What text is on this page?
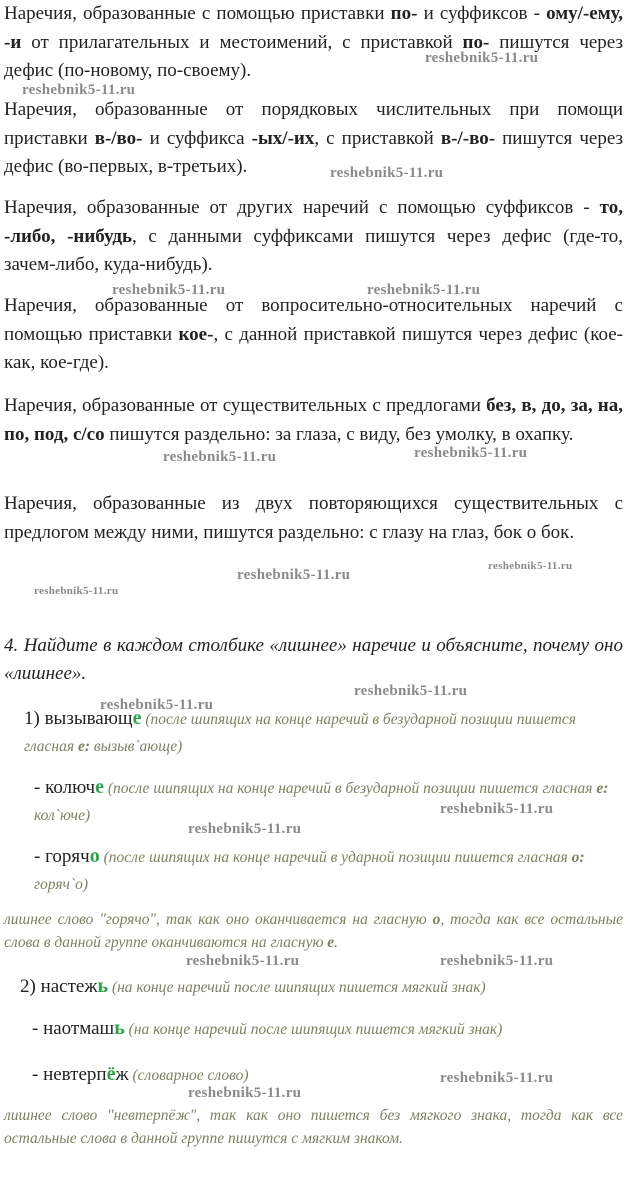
Наречия, образованные с помощью приставки по- и суффиксов - ому/-ему, -и от прилагательных и местоимений, с приставкой по- пишутся через дефис (по-новому, по-своему).

Наречия, образованные от порядковых числительных при помощи приставки в-/во- и суффикса -ых/-их, с приставкой в-/-во- пишутся через дефис (во-первых, в-третьих).

Наречия, образованные от других наречий с помощью суффиксов - то, -либо, -нибудь, с данными суффиксами пишутся через дефис (где-то, зачем-либо, куда-нибудь).

Наречия, образованные от вопросительно-относительных наречий с помощью приставки кое-, с данной приставкой пишутся через дефис (кое-как, кое-где).

Наречия, образованные от существительных с предлогами без, в, до, за, на, по, под, с/со пишутся раздельно: за глаза, с виду, без умолку, в охапку.

Наречия, образованные из двух повторяющихся существительных с предлогом между ними, пишутся раздельно: с глазу на глаз, бок о бок.

4. Найдите в каждом столбике «лишнее» наречие и объясните, почему оно «лишнее».

1) вызывающе (после шипящих на конце наречий в безударной позиции пишется гласная е: вызыв`ающе)
- колюче (после шипящих на конце наречий в безударной позиции пишется гласная е: кол`юче)
- горячо (после шипящих на конце наречий в ударной позиции пишется гласная о: горяч`о)

лишнее слово "горячо", так как оно оканчивается на гласную о, тогда как все остальные слова в данной группе оканчиваются на гласную е.

2) настежь (на конце наречий после шипящих пишется мягкий знак)
- наотмашь (на конце наречий после шипящих пишется мягкий знак)
- невтерпёж (словарное слово)

лишнее слово "невтерпёж", так как оно пишется без мягкого знака, тогда как все остальные слова в данной группе пишутся с мягким знаком.

reshebnik5-11.ru
reshebnik5-11.ru
reshebnik5-11.ru
reshebnik5-11.ru	reshebnik5-11.ru
reshebnik5-11.ru	reshebnik5-11.ru
reshebnik5-11.ru
reshebnik5-11.ru
reshebnik5-11.ru
reshebnik5-11.ru
reshebnik5-11.ru
reshebnik5-11.ru
reshebnik5-11.ru
reshebnik5-11.ru	reshebnik5-11.ru
reshebnik5-11.ru
reshebnik5-11.ru
